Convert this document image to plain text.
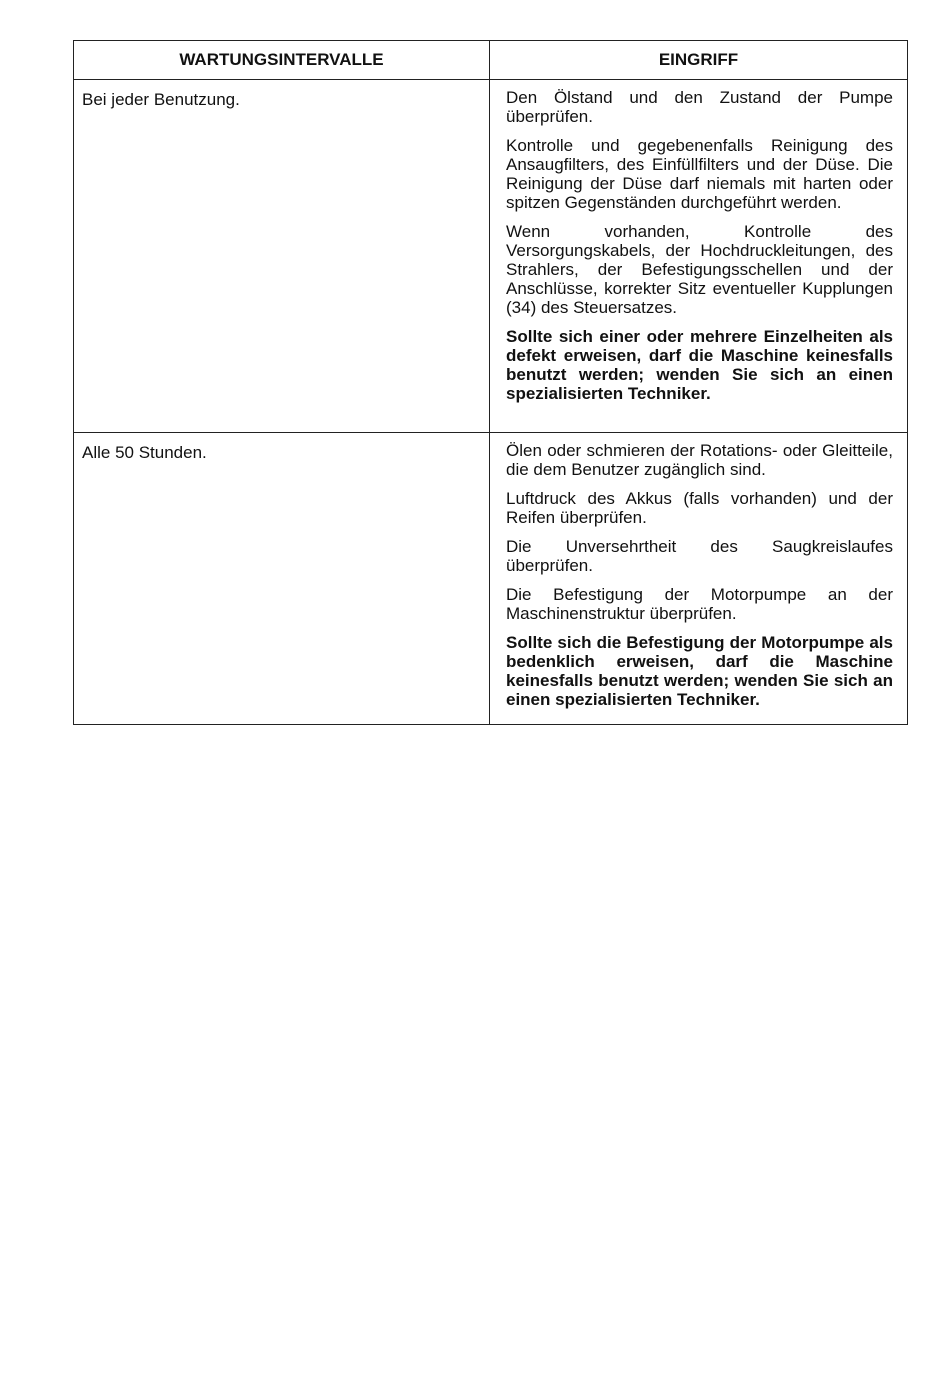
WARTUNGSINTERVALLE	EINGRIFF
Bei jeder Benutzung.	Den Ölstand und den Zustand der Pumpe überprüfen.

Kontrolle und gegebenenfalls Reinigung des Ansaugfilters, des Einfüllfilters und der Düse. Die Reinigung der Düse darf niemals mit harten oder spitzen Gegenständen durchgeführt werden.

Wenn vorhanden, Kontrolle des Versorgungskabels, der Hochdruckleitungen, des Strahlers, der Befestigungsschellen und der Anschlüsse, korrekter Sitz eventueller Kupplungen (34) des Steuersatzes.

Sollte sich einer oder mehrere Einzelheiten als defekt erweisen, darf die Maschine keinesfalls benutzt werden; wenden Sie sich an einen spezialisierten Techniker.

Alle 50 Stunden.	Ölen oder schmieren der Rotations- oder Gleitteile, die dem Benutzer zugänglich sind.

Luftdruck des Akkus (falls vorhanden) und der Reifen überprüfen.

Die Unversehrtheit des Saugkreislaufes überprüfen.

Die Befestigung der Motorpumpe an der Maschinenstruktur überprüfen.

Sollte sich die Befestigung der Motorpumpe als bedenklich erweisen, darf die Maschine keinesfalls benutzt werden; wenden Sie sich an einen spezialisierten Techniker.
